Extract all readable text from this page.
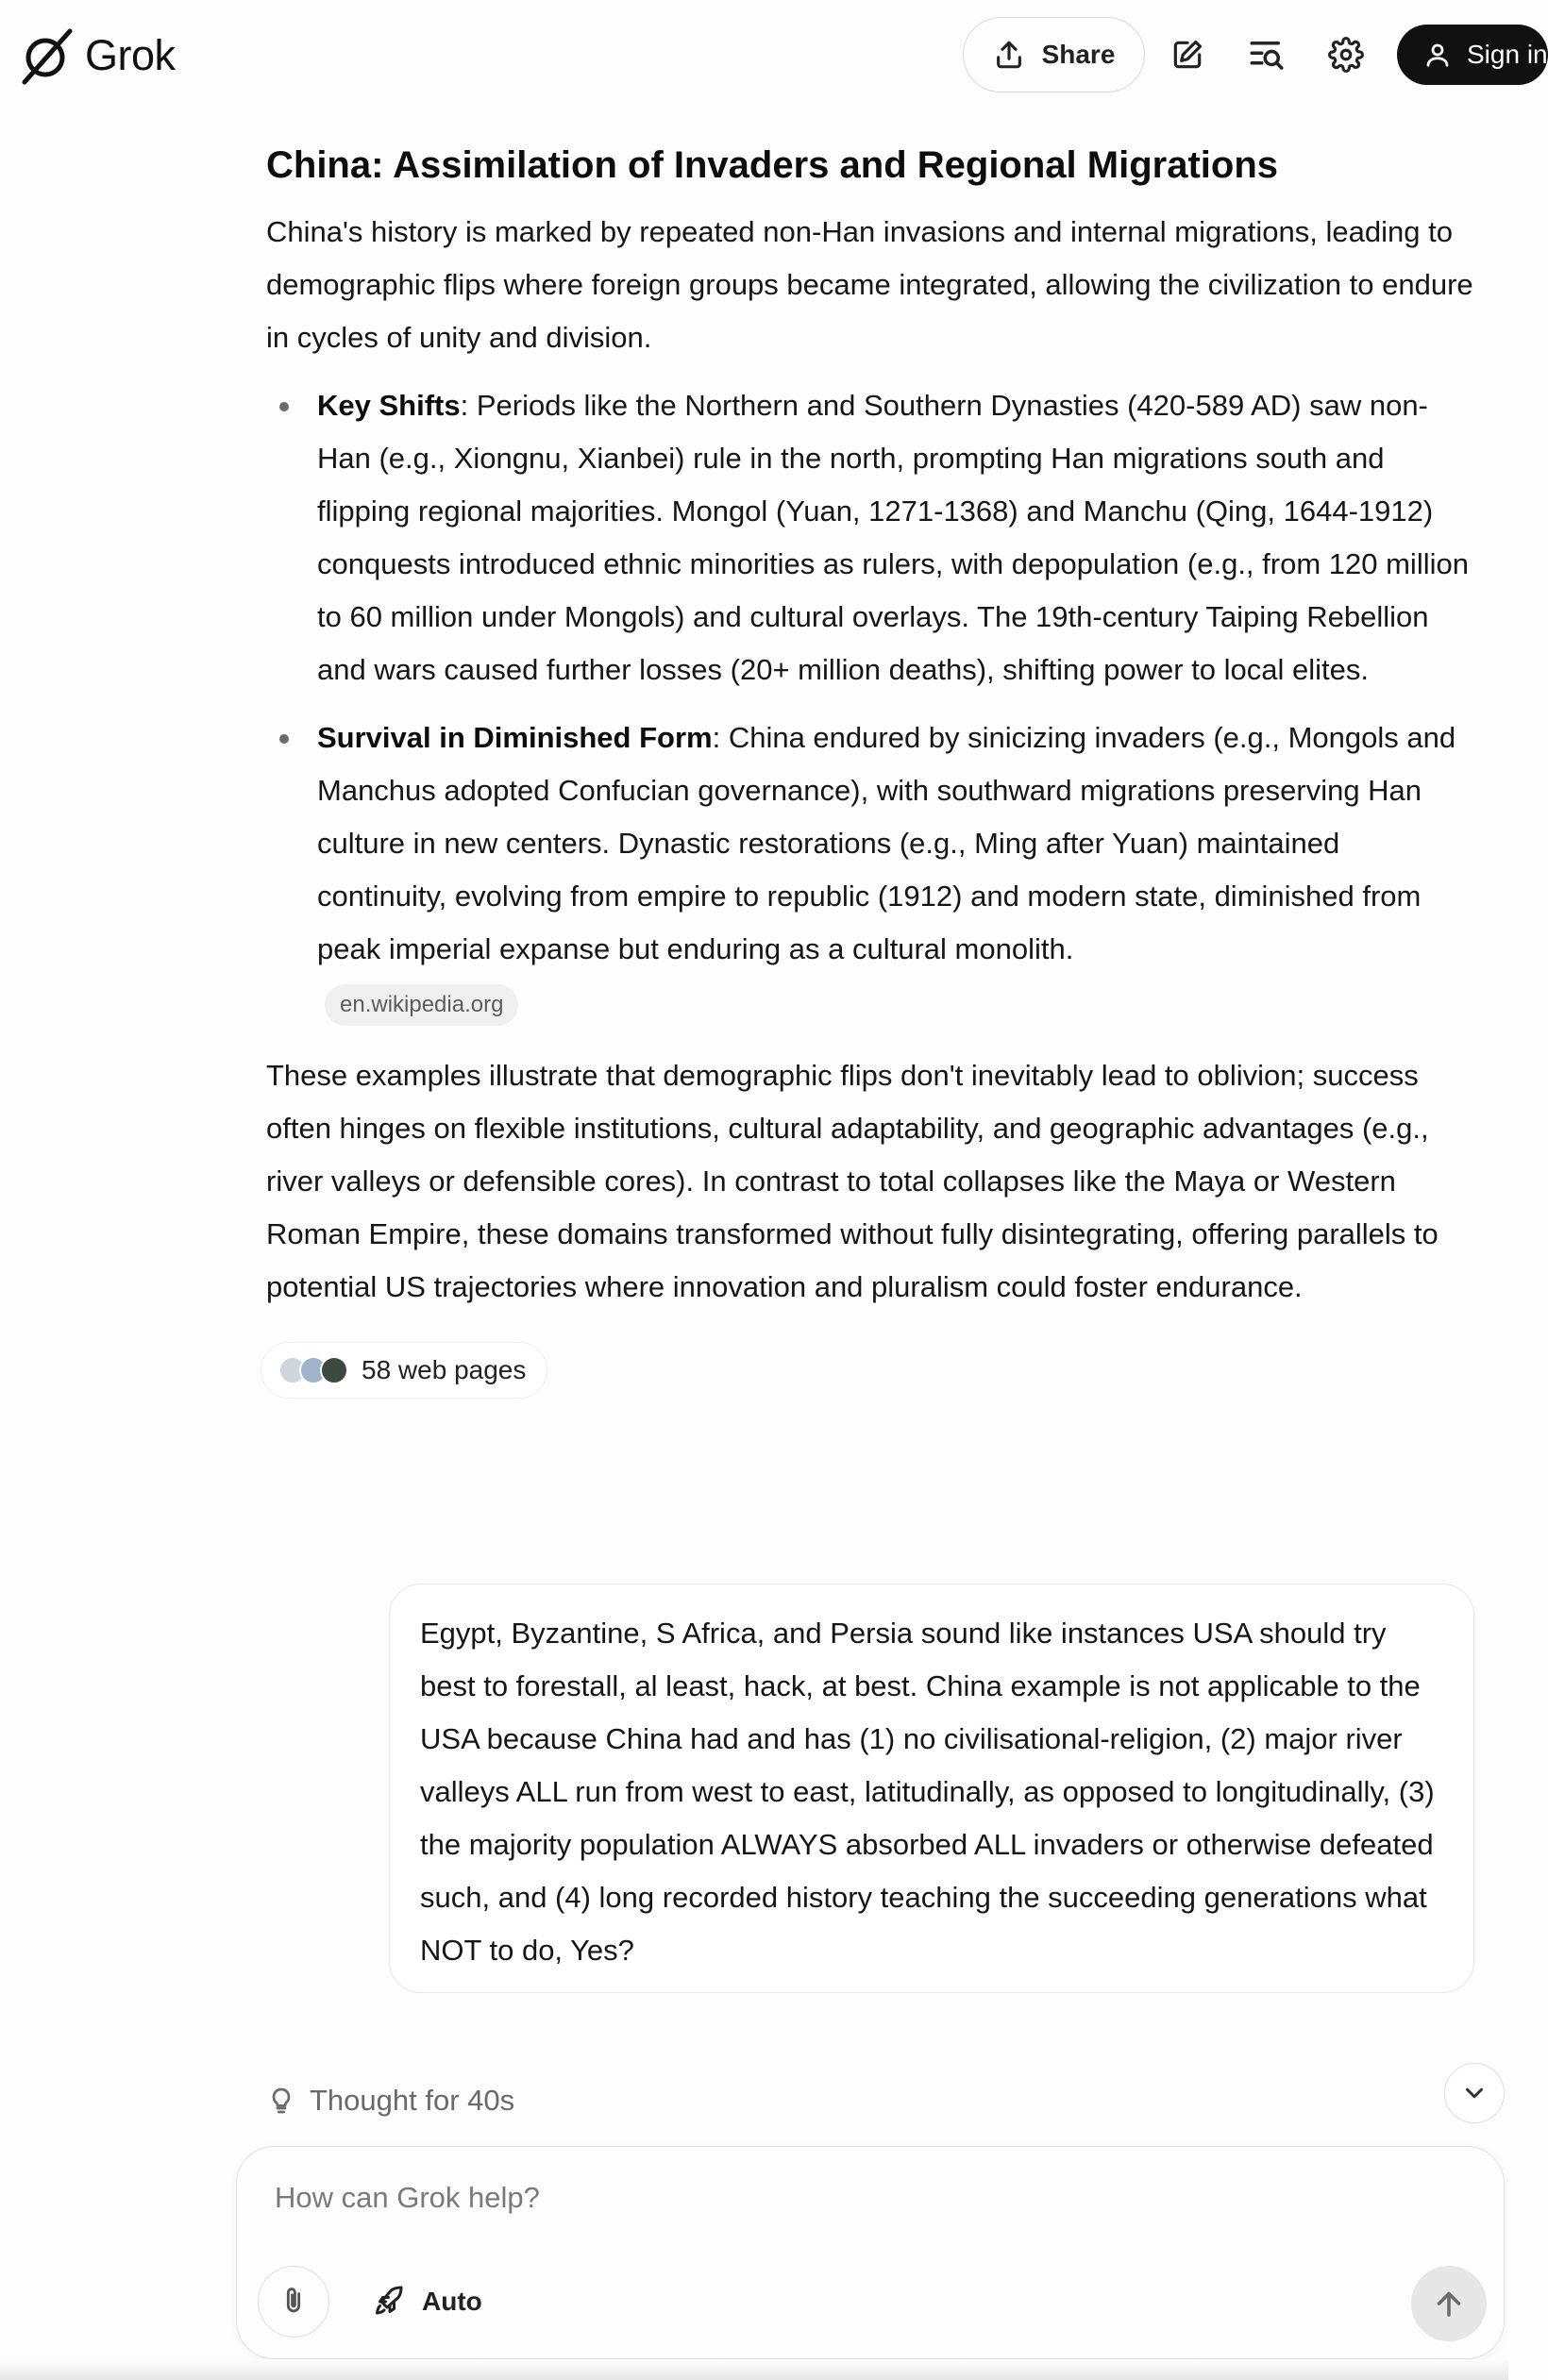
Grok	Share	Sign in
China: Assimilation of Invaders and Regional Migrations

China's history is marked by repeated non-Han invasions and internal migrations, leading to demographic flips where foreign groups became integrated, allowing the civilization to endure in cycles of unity and division.

Key Shifts: Periods like the Northern and Southern Dynasties (420-589 AD) saw non-Han (e.g., Xiongnu, Xianbei) rule in the north, prompting Han migrations south and flipping regional majorities. Mongol (Yuan, 1271-1368) and Manchu (Qing, 1644-1912) conquests introduced ethnic minorities as rulers, with depopulation (e.g., from 120 million to 60 million under Mongols) and cultural overlays. The 19th-century Taiping Rebellion and wars caused further losses (20+ million deaths), shifting power to local elites.
Survival in Diminished Form: China endured by sinicizing invaders (e.g., Mongols and Manchus adopted Confucian governance), with southward migrations preserving Han culture in new centers. Dynastic restorations (e.g., Ming after Yuan) maintained continuity, evolving from empire to republic (1912) and modern state, diminished from peak imperial expanse but enduring as a cultural monolith.
en.wikipedia.org

These examples illustrate that demographic flips don't inevitably lead to oblivion; success often hinges on flexible institutions, cultural adaptability, and geographic advantages (e.g., river valleys or defensible cores). In contrast to total collapses like the Maya or Western Roman Empire, these domains transformed without fully disintegrating, offering parallels to potential US trajectories where innovation and pluralism could foster endurance.

58 web pages
Egypt, Byzantine, S Africa, and Persia sound like instances USA should try best to forestall, al least, hack, at best. China example is not applicable to the USA because China had and has (1) no civilisational-religion, (2) major river valleys ALL run from west to east, latitudinally, as opposed to longitudinally, (3) the majority population ALWAYS absorbed ALL invaders or otherwise defeated such, and (4) long recorded history teaching the succeeding generations what NOT to do, Yes?
Thought for 40s
How can Grok help?
Auto
